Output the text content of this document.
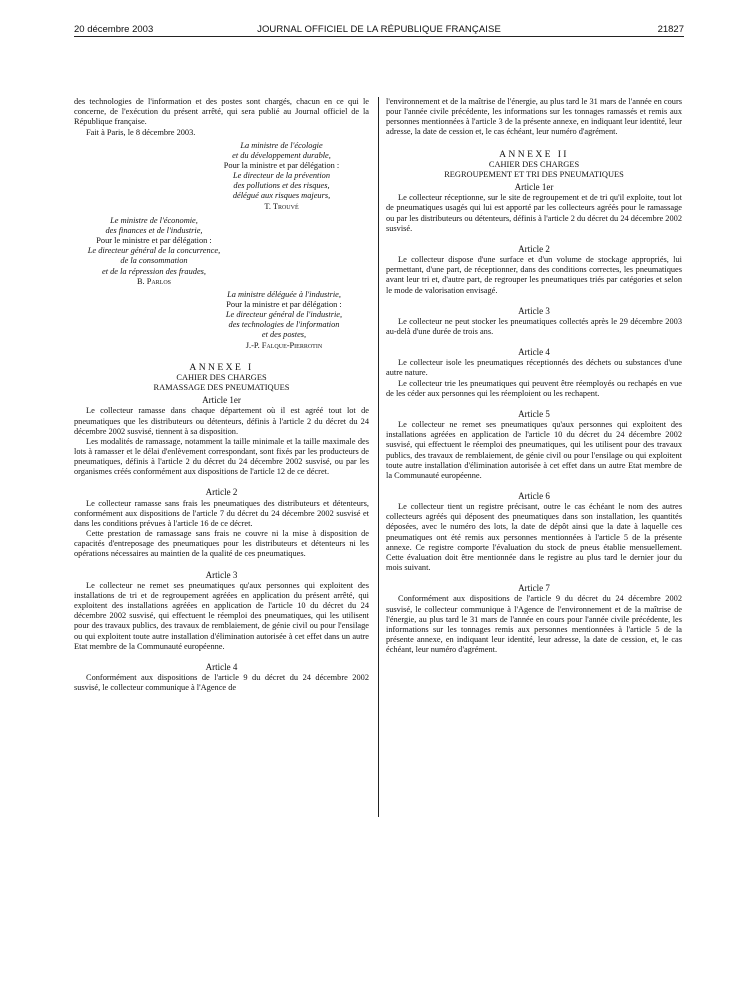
20 décembre 2003	JOURNAL OFFICIEL DE LA RÉPUBLIQUE FRANÇAISE	21827

des technologies de l'information et des postes sont chargés, chacun en ce qui le concerne, de l'exécution du présent arrêté, qui sera publié au Journal officiel de la République française.

Fait à Paris, le 8 décembre 2003.

La ministre de l'écologie
et du développement durable,
Pour la ministre et par délégation :
Le directeur de la prévention
des pollutions et des risques,
délégué aux risques majeurs,
T. Trouvé
Le ministre de l'économie,
des finances et de l'industrie,
Pour le ministre et par délégation :
Le directeur général de la concurrence,
de la consommation
et de la répression des fraudes,
B. Parlos
La ministre déléguée à l'industrie,
Pour la ministre et par délégation :
Le directeur général de l'industrie,
des technologies de l'information
et des postes,
J.-P. Falque-Pierrotin
ANNEXE I
CAHIER DES CHARGES
RAMASSAGE DES PNEUMATIQUES
Article 1er

Le collecteur ramasse dans chaque département où il est agréé tout lot de pneumatiques que les distributeurs ou détenteurs, définis à l'article 2 du décret du 24 décembre 2002 susvisé, tiennent à sa disposition.

Les modalités de ramassage, notamment la taille minimale et la taille maximale des lots à ramasser et le délai d'enlèvement correspondant, sont fixés par les producteurs de pneumatiques, définis à l'article 2 du décret du 24 décembre 2002 susvisé, ou par les organismes créés conformément aux dispositions de l'article 12 de ce décret.

Article 2

Le collecteur ramasse sans frais les pneumatiques des distributeurs et détenteurs, conformément aux dispositions de l'article 7 du décret du 24 décembre 2002 susvisé et dans les conditions prévues à l'article 16 de ce décret.

Cette prestation de ramassage sans frais ne couvre ni la mise à disposition de capacités d'entreposage des pneumatiques pour les distributeurs et détenteurs ni les opérations nécessaires au maintien de la qualité de ces pneumatiques.

Article 3

Le collecteur ne remet ses pneumatiques qu'aux personnes qui exploitent des installations de tri et de regroupement agréées en application du présent arrêté, qui exploitent des installations agréées en application de l'article 10 du décret du 24 décembre 2002 susvisé, qui effectuent le réemploi des pneumatiques, qui les utilisent pour des travaux publics, des travaux de remblaiement, de génie civil ou pour l'ensilage ou qui exploitent toute autre installation d'élimination autorisée à cet effet dans un autre Etat membre de la Communauté européenne.

Article 4

Conformément aux dispositions de l'article 9 du décret du 24 décembre 2002 susvisé, le collecteur communique à l'Agence de

l'environnement et de la maîtrise de l'énergie, au plus tard le 31 mars de l'année en cours pour l'année civile précédente, les informations sur les tonnages ramassés et remis aux personnes mentionnées à l'article 3 de la présente annexe, en indiquant leur identité, leur adresse, la date de cession et, le cas échéant, leur numéro d'agrément.

ANNEXE II
CAHIER DES CHARGES
REGROUPEMENT ET TRI DES PNEUMATIQUES
Article 1er

Le collecteur réceptionne, sur le site de regroupement et de tri qu'il exploite, tout lot de pneumatiques usagés qui lui est apporté par les collecteurs agréés pour le ramassage ou par les distributeurs ou détenteurs, définis à l'article 2 du décret du 24 décembre 2002 susvisé.

Article 2

Le collecteur dispose d'une surface et d'un volume de stockage appropriés, lui permettant, d'une part, de réceptionner, dans des conditions correctes, les pneumatiques avant leur tri et, d'autre part, de regrouper les pneumatiques triés par catégories et selon le mode de valorisation envisagé.

Article 3

Le collecteur ne peut stocker les pneumatiques collectés après le 29 décembre 2003 au-delà d'une durée de trois ans.

Article 4

Le collecteur isole les pneumatiques réceptionnés des déchets ou substances d'une autre nature.

Le collecteur trie les pneumatiques qui peuvent être réemployés ou rechapés en vue de les céder aux personnes qui les réemploient ou les rechapent.

Article 5

Le collecteur ne remet ses pneumatiques qu'aux personnes qui exploitent des installations agréées en application de l'article 10 du décret du 24 décembre 2002 susvisé, qui effectuent le réemploi des pneumatiques, qui les utilisent pour des travaux publics, des travaux de remblaiement, de génie civil ou pour l'ensilage ou qui exploitent toute autre installation d'élimination autorisée à cet effet dans un autre Etat membre de la Communauté européenne.

Article 6

Le collecteur tient un registre précisant, outre le cas échéant le nom des autres collecteurs agréés qui déposent des pneumatiques dans son installation, les quantités déposées, avec le numéro des lots, la date de dépôt ainsi que la date à laquelle ces pneumatiques ont été remis aux personnes mentionnées à l'article 5 de la présente annexe. Ce registre comporte l'évaluation du stock de pneus établie mensuellement. Cette évaluation doit être mentionnée dans le registre au plus tard le dernier jour du mois suivant.

Article 7

Conformément aux dispositions de l'article 9 du décret du 24 décembre 2002 susvisé, le collecteur communique à l'Agence de l'environnement et de la maîtrise de l'énergie, au plus tard le 31 mars de l'année en cours pour l'année civile précédente, les informations sur les tonnages remis aux personnes mentionnées à l'article 5 de la présente annexe, en indiquant leur identité, leur adresse, la date de cession, et, le cas échéant, leur numéro d'agrément.
